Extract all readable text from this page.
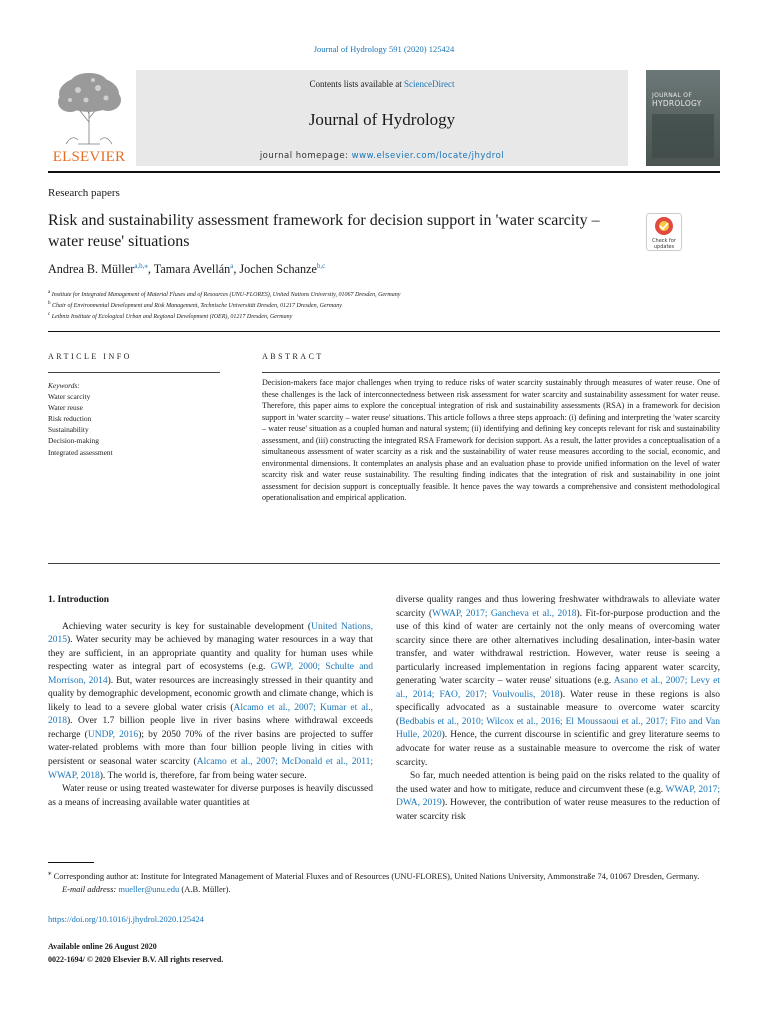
Journal of Hydrology 591 (2020) 125424
ELSEVIER
Contents lists available at ScienceDirect
Journal of Hydrology
journal homepage: www.elsevier.com/locate/jhydrol
JOURNAL OF
HYDROLOGY
Research papers
Risk and sustainability assessment framework for decision support in 'water scarcity – water reuse' situations	Check for
updates
Andrea B. Müller$^{a,b,⁎}$, Tamara Avellán$^a$, Jochen Schanze$^{b,c}$
$^a$ Institute for Integrated Management of Material Fluxes and of Resources (UNU-FLORES), United Nations University, 01067 Dresden, Germany
$^b$ Chair of Environmental Development and Risk Management, Technische Universität Dresden, 01217 Dresden, Germany
$^c$ Leibniz Institute of Ecological Urban and Regional Development (IOER), 01217 Dresden, Germany
ARTICLE INFO	ABSTRACT
Keywords:
Water scarcity
Water reuse
Risk reduction
Sustainability
Decision-making
Integrated assessment
Decision-makers face major challenges when trying to reduce risks of water scarcity sustainably through measures of water reuse. One of these challenges is the lack of interconnectedness between risk assessment for water scarcity and sustainability assessment for water reuse. Therefore, this paper aims to explore the conceptual integration of risk and sustainability assessments (RSA) in a framework for decision support in 'water scarcity – water reuse' situations. This article follows a three steps approach: (i) defining and interpreting the 'water scarcity – water reuse' situation as a coupled human and natural system; (ii) identifying and defining key concepts relevant for risk and sustainability assessment, and (iii) constructing the integrated RSA Framework for decision support. As a result, the latter provides a conceptualisation of a simultaneous assessment of water scarcity as a risk and the sustainability of water reuse measures according to the social, economic, and environmental dimensions. It contemplates an analysis phase and an evaluation phase to provide unified information on the level of water scarcity risk and water reuse sustainability. The resulting finding indicates that the integration of risk and sustainability in one joint assessment for decision support is conceptually feasible. It hence paves the way towards a comprehensive and consistent methodological operationalisation and empirical application.
1. Introduction
Achieving water security is key for sustainable development (United Nations, 2015). Water security may be achieved by managing water resources in a way that they are sufficient, in an appropriate quantity and quality for human uses while respecting water as integral part of ecosystems (e.g. GWP, 2000; Schulte and Morrison, 2014). But, water resources are increasingly stressed in their quantity and quality by demographic development, economic growth and climate change, which is likely to lead to a severe global water crisis (Alcamo et al., 2007; Kumar et al., 2018). Over 1.7 billion people live in river basins where withdrawal exceeds recharge (UNDP, 2016); by 2050 70% of the river basins are projected to suffer water-related problems with more than four billion people living in cities with persistent or seasonal water scarcity (Alcamo et al., 2007; McDonald et al., 2011; WWAP, 2018). The world is, therefore, far from being water secure.
Water reuse or using treated wastewater for diverse purposes is heavily discussed as a means of increasing available water quantities at
diverse quality ranges and thus lowering freshwater withdrawals to alleviate water scarcity (WWAP, 2017; Gancheva et al., 2018). Fit-for-purpose production and the use of this kind of water are certainly not the only means of overcoming water scarcity since there are other alternatives including desalination, inter-basin water transfer, and water withdrawal restriction. However, water reuse is seeing a particularly increased implementation in regions facing apparent water scarcity, generating 'water scarcity – water reuse' situations (e.g. Asano et al., 2007; Levy et al., 2014; FAO, 2017; Voulvoulis, 2018). Water reuse in these regions is also specifically advocated as a sustainable measure to overcome water scarcity (Bedbabis et al., 2010; Wilcox et al., 2016; El Moussaoui et al., 2017; Fito and Van Hulle, 2020). Hence, the current discourse in scientific and grey literature seems to advocate for water reuse as a sustainable measure to overcome the risk of water scarcity.
So far, much needed attention is being paid on the risks related to the quality of the used water and how to mitigate, reduce and circumvent these (e.g. WWAP, 2017; DWA, 2019). However, the contribution of water reuse measures to the reduction of water scarcity risk
⁎ Corresponding author at: Institute for Integrated Management of Material Fluxes and of Resources (UNU-FLORES), United Nations University, Ammonstraße 74, 01067 Dresden, Germany.
E-mail address: mueller@unu.edu (A.B. Müller).
https://doi.org/10.1016/j.jhydrol.2020.125424
Available online 26 August 2020
0022-1694/ © 2020 Elsevier B.V. All rights reserved.
